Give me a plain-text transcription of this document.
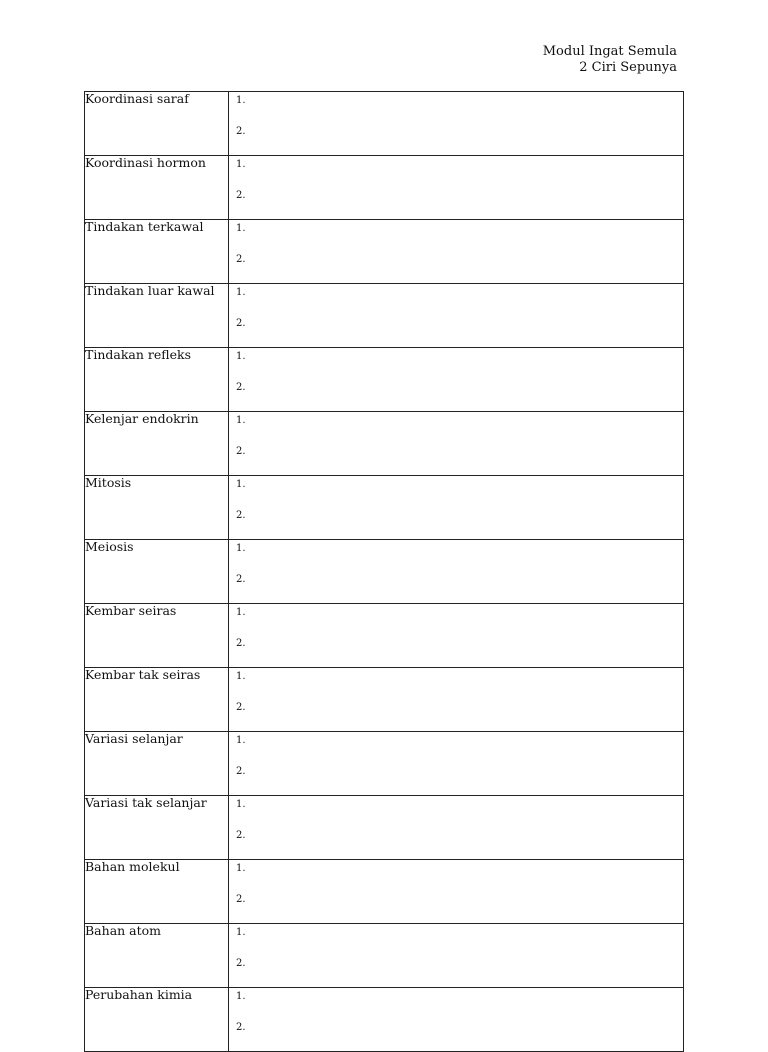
Modul Ingat Semula
2 Ciri Sepunya
Koordinasi saraf	1.
2.

Koordinasi hormon	1.
2.

Tindakan terkawal	1.
2.

Tindakan luar kawal	1.
2.

Tindakan refleks	1.
2.

Kelenjar endokrin	1.
2.

Mitosis	1.
2.

Meiosis	1.
2.

Kembar seiras	1.
2.

Kembar tak seiras	1.
2.

Variasi selanjar	1.
2.

Variasi tak selanjar	1.
2.

Bahan molekul	1.
2.

Bahan atom	1.
2.

Perubahan kimia	1.
2.
